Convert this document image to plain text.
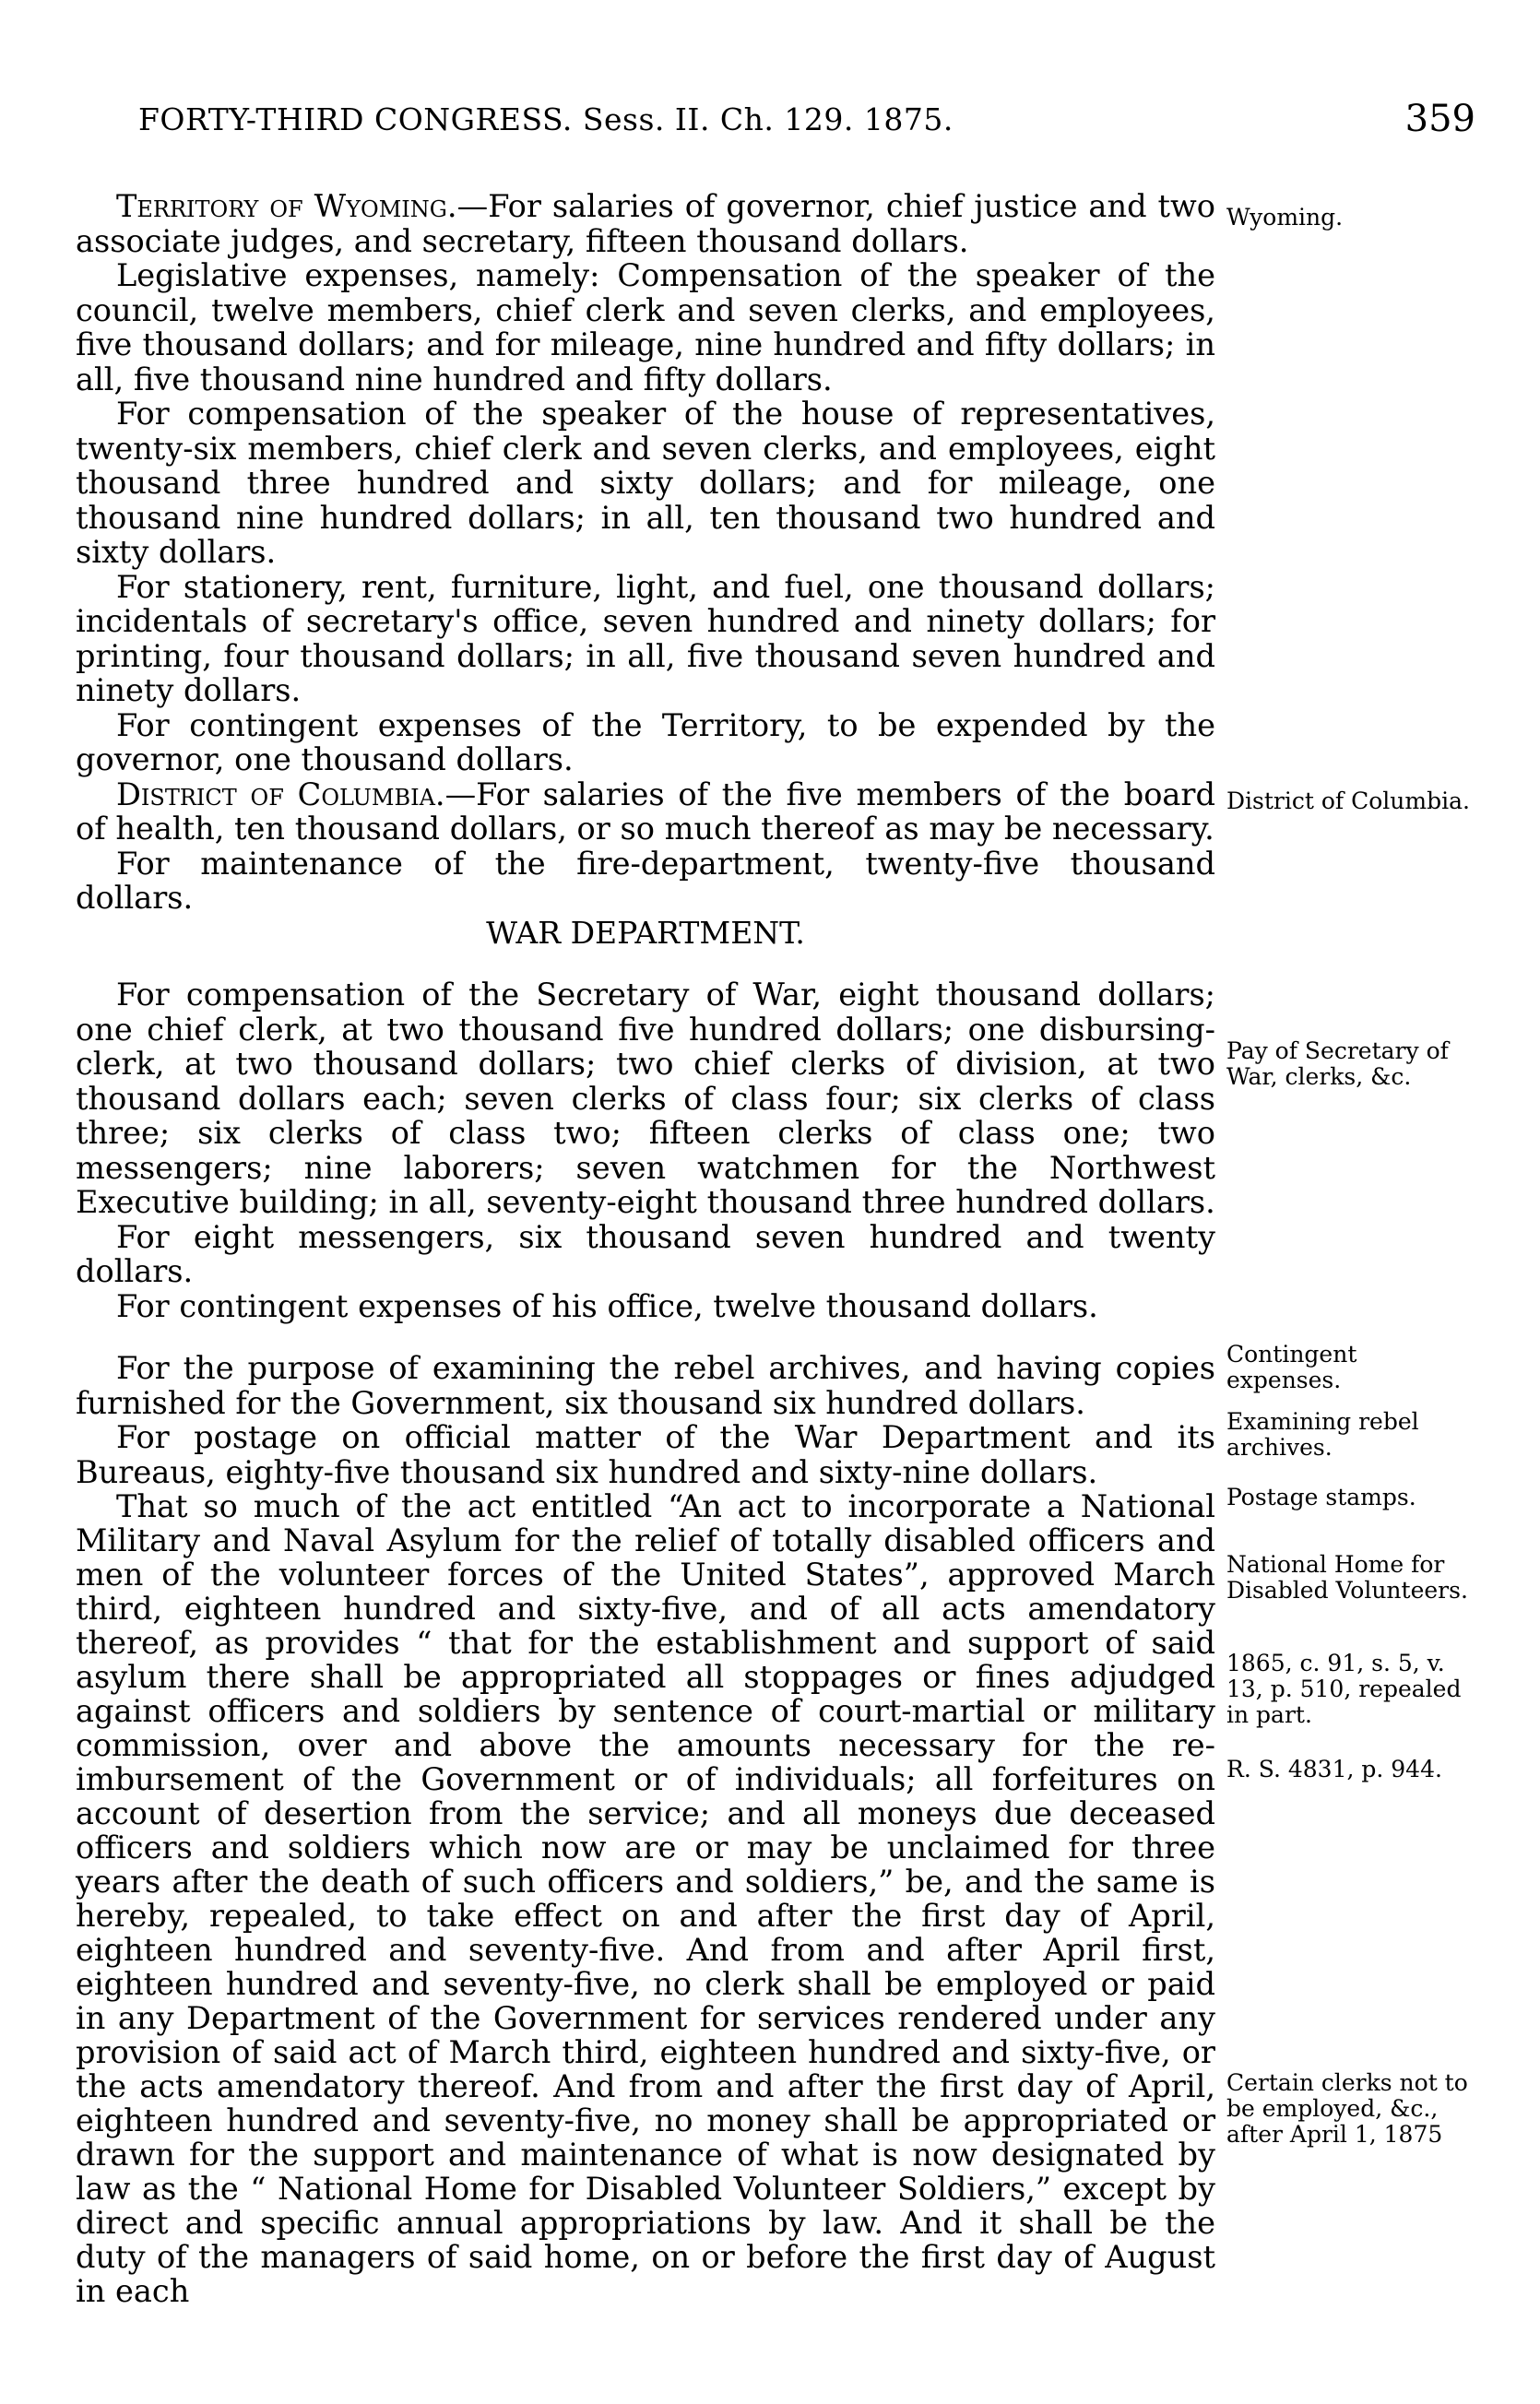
FORTY-THIRD CONGRESS. Sess. II. Ch. 129. 1875.	359

Territory of Wyoming.—For salaries of governor, chief justice and two associate judges, and secretary, fifteen thousand dollars.

Legislative expenses, namely: Compensation of the speaker of the council, twelve members, chief clerk and seven clerks, and employees, five thousand dollars; and for mileage, nine hundred and fifty dollars; in all, five thousand nine hundred and fifty dollars.

For compensation of the speaker of the house of representatives, twenty-six members, chief clerk and seven clerks, and employees, eight thousand three hundred and sixty dollars; and for mileage, one thousand nine hundred dollars; in all, ten thousand two hundred and sixty dollars.

For stationery, rent, furniture, light, and fuel, one thousand dollars; incidentals of secretary's office, seven hundred and ninety dollars; for printing, four thousand dollars; in all, five thousand seven hundred and ninety dollars.

For contingent expenses of the Territory, to be expended by the governor, one thousand dollars.

District of Columbia.—For salaries of the five members of the board of health, ten thousand dollars, or so much thereof as may be necessary.

For maintenance of the fire-department, twenty-five thousand dollars.

WAR DEPARTMENT.

For compensation of the Secretary of War, eight thousand dollars; one chief clerk, at two thousand five hundred dollars; one disbursing-clerk, at two thousand dollars; two chief clerks of division, at two thousand dollars each; seven clerks of class four; six clerks of class three; six clerks of class two; fifteen clerks of class one; two messengers; nine laborers; seven watchmen for the Northwest Executive building; in all, seventy-eight thousand three hundred dollars.

For eight messengers, six thousand seven hundred and twenty dollars.

For contingent expenses of his office, twelve thousand dollars.

For the purpose of examining the rebel archives, and having copies furnished for the Government, six thousand six hundred dollars.

For postage on official matter of the War Department and its Bureaus, eighty-five thousand six hundred and sixty-nine dollars.

That so much of the act entitled “An act to incorporate a National Military and Naval Asylum for the relief of totally disabled officers and men of the volunteer forces of the United States”, approved March third, eighteen hundred and sixty-five, and of all acts amendatory thereof, as provides “ that for the establishment and support of said asylum there shall be appropriated all stoppages or fines adjudged against officers and soldiers by sentence of court-martial or military commission, over and above the amounts necessary for the re-imbursement of the Government or of individuals; all forfeitures on account of desertion from the service; and all moneys due deceased officers and soldiers which now are or may be unclaimed for three years after the death of such officers and soldiers,” be, and the same is hereby, repealed, to take effect on and after the first day of April, eighteen hundred and seventy-five. And from and after April first, eighteen hundred and seventy-five, no clerk shall be employed or paid in any Department of the Government for services rendered under any provision of said act of March third, eighteen hundred and sixty-five, or the acts amendatory thereof. And from and after the first day of April, eighteen hundred and seventy-five, no money shall be appropriated or drawn for the support and maintenance of what is now designated by law as the “ National Home for Disabled Volunteer Soldiers,” except by direct and specific annual appropriations by law. And it shall be the duty of the managers of said home, on or before the first day of August in each

Wyoming.
District of Columbia.
Pay of Secretary of War, clerks, &c.
Contingent expenses.
Examining rebel archives.
Postage stamps.
National Home for Disabled Volunteers.
1865, c. 91, s. 5, v. 13, p. 510, repealed in part.
R. S. 4831, p. 944.
Certain clerks not to be employed, &c., after April 1, 1875
